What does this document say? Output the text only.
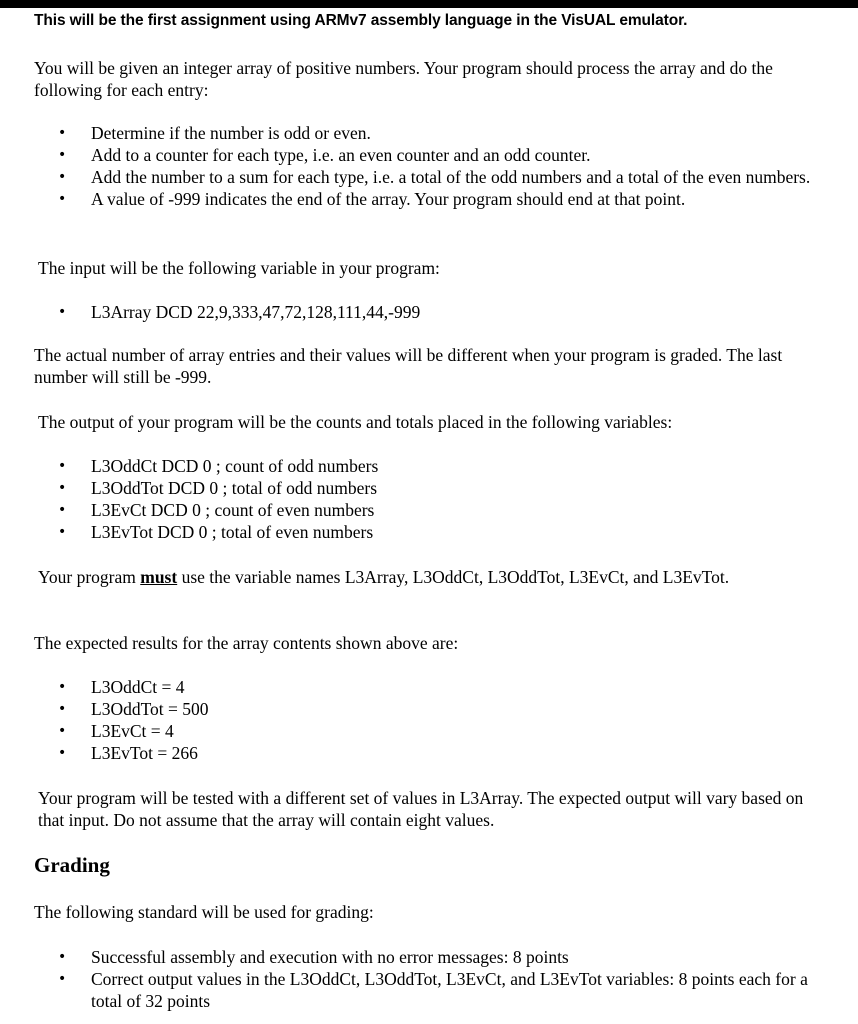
This will be the first assignment using ARMv7 assembly language in the VisUAL emulator.

You will be given an integer array of positive numbers. Your program should process the array and do the following for each entry:

• Determine if the number is odd or even.
• Add to a counter for each type, i.e. an even counter and an odd counter.
• Add the number to a sum for each type, i.e. a total of the odd numbers and a total of the even numbers.
• A value of -999 indicates the end of the array. Your program should end at that point.

The input will be the following variable in your program:

• L3Array DCD 22,9,333,47,72,128,111,44,-999

The actual number of array entries and their values will be different when your program is graded. The last number will still be -999.

The output of your program will be the counts and totals placed in the following variables:

• L3OddCt DCD 0 ; count of odd numbers
• L3OddTot DCD 0 ; total of odd numbers
• L3EvCt DCD 0 ; count of even numbers
• L3EvTot DCD 0 ; total of even numbers

Your program must use the variable names L3Array, L3OddCt, L3OddTot, L3EvCt, and L3EvTot.

The expected results for the array contents shown above are:

• L3OddCt = 4
• L3OddTot = 500
• L3EvCt = 4
• L3EvTot = 266

Your program will be tested with a different set of values in L3Array. The expected output will vary based on that input. Do not assume that the array will contain eight values.

Grading

The following standard will be used for grading:

• Successful assembly and execution with no error messages: 8 points
• Correct output values in the L3OddCt, L3OddTot, L3EvCt, and L3EvTot variables: 8 points each for a total of 32 points
